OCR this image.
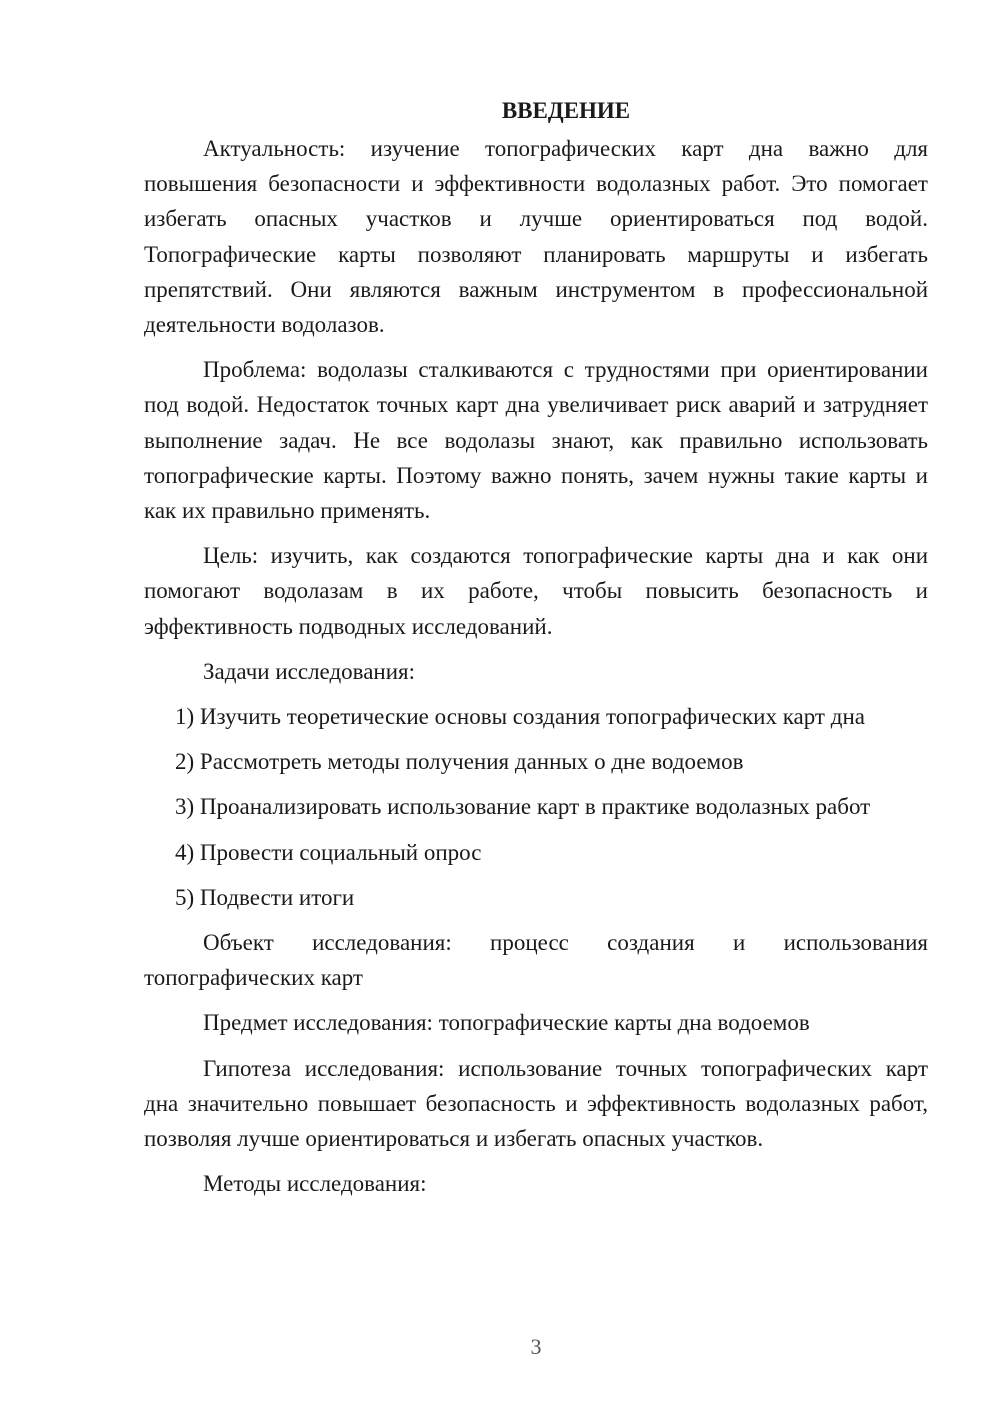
ВВЕДЕНИЕ

Актуальность: изучение топографических карт дна важно для повышения безопасности и эффективности водолазных работ. Это помогает избегать опасных участков и лучше ориентироваться под водой. Топографические карты позволяют планировать маршруты и избегать препятствий. Они являются важным инструментом в профессиональной деятельности водолазов.

Проблема: водолазы сталкиваются с трудностями при ориентировании под водой. Недостаток точных карт дна увеличивает риск аварий и затрудняет выполнение задач. Не все водолазы знают, как правильно использовать топографические карты. Поэтому важно понять, зачем нужны такие карты и как их правильно применять.

Цель: изучить, как создаются топографические карты дна и как они помогают водолазам в их работе, чтобы повысить безопасность и эффективность подводных исследований.

Задачи исследования:

1) Изучить теоретические основы создания топографических карт дна

2) Рассмотреть методы получения данных о дне водоемов

3) Проанализировать использование карт в практике водолазных работ

4) Провести социальный опрос

5) Подвести итоги

Объект исследования: процесс создания и использования топографических карт

Предмет исследования: топографические карты дна водоемов

Гипотеза исследования: использование точных топографических карт дна значительно повышает безопасность и эффективность водолазных работ, позволяя лучше ориентироваться и избегать опасных участков.

Методы исследования:

3
